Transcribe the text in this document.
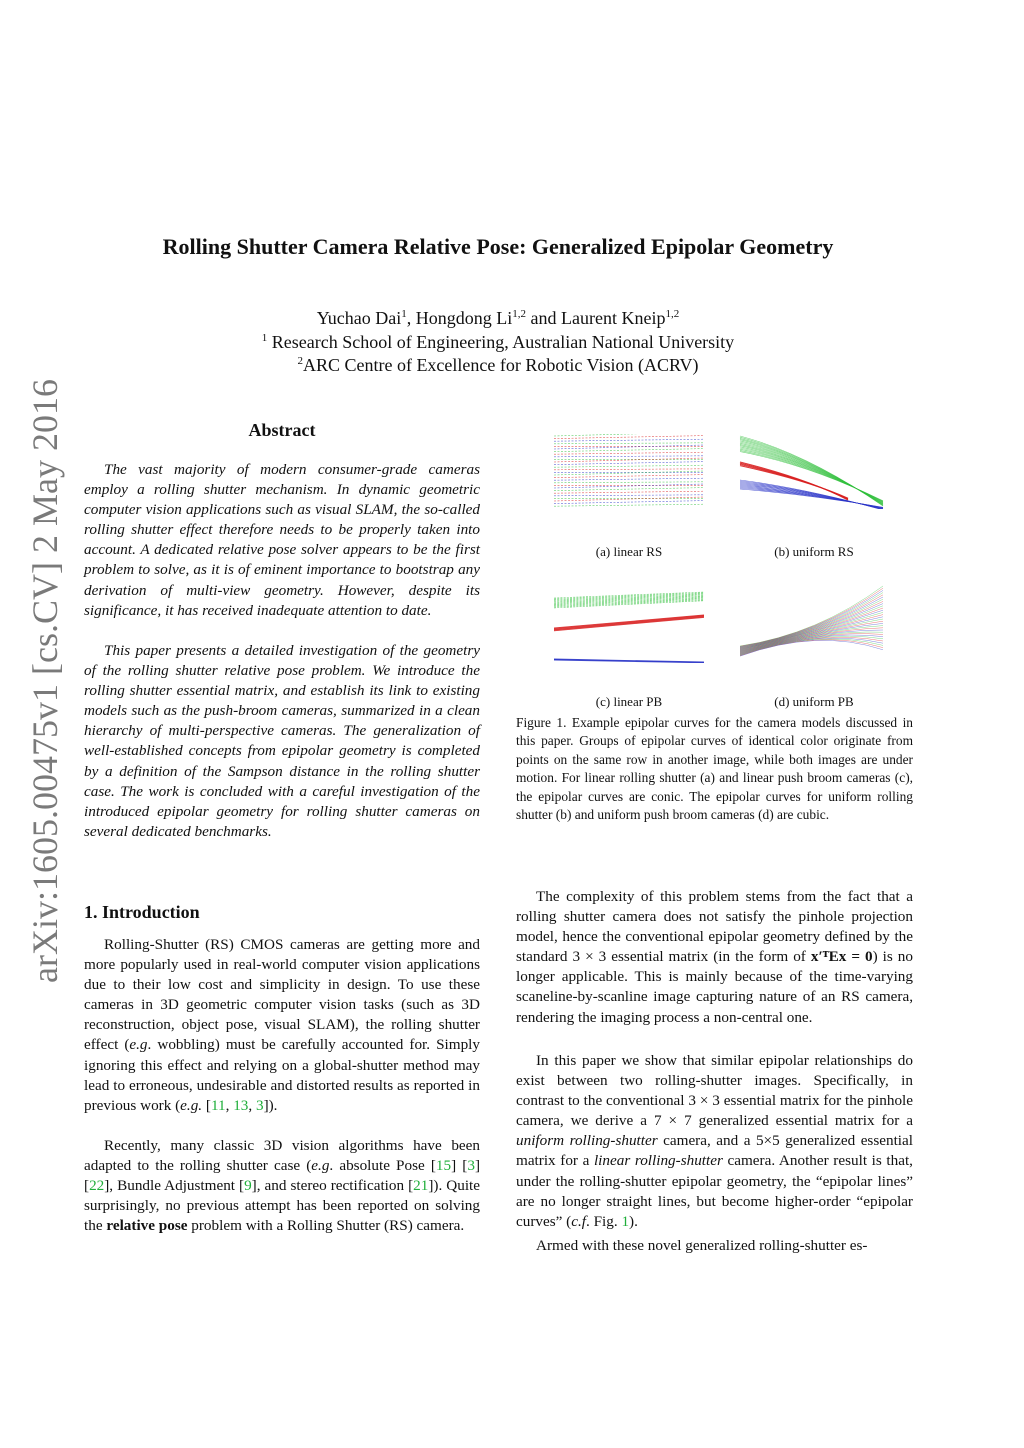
arXiv:1605.00475v1 [cs.CV] 2 May 2016
Rolling Shutter Camera Relative Pose: Generalized Epipolar Geometry
Yuchao Dai$^1$, Hongdong Li$^{1,2}$ and Laurent Kneip$^{1,2}$
$^1$ Research School of Engineering, Australian National University
$^2$ARC Centre of Excellence for Robotic Vision (ACRV)
Abstract
The vast majority of modern consumer-grade cameras employ a rolling shutter mechanism. In dynamic geometric computer vision applications such as visual SLAM, the so-called rolling shutter effect therefore needs to be properly taken into account. A dedicated relative pose solver appears to be the first problem to solve, as it is of eminent importance to bootstrap any derivation of multi-view geometry. However, despite its significance, it has received inadequate attention to date.
This paper presents a detailed investigation of the geometry of the rolling shutter relative pose problem. We introduce the rolling shutter essential matrix, and establish its link to existing models such as the push-broom cameras, summarized in a clean hierarchy of multi-perspective cameras. The generalization of well-established concepts from epipolar geometry is completed by a definition of the Sampson distance in the rolling shutter case. The work is concluded with a careful investigation of the introduced epipolar geometry for rolling shutter cameras on several dedicated benchmarks.
1. Introduction
Rolling-Shutter (RS) CMOS cameras are getting more and more popularly used in real-world computer vision applications due to their low cost and simplicity in design. To use these cameras in 3D geometric computer vision tasks (such as 3D reconstruction, object pose, visual SLAM), the rolling shutter effect (e.g. wobbling) must be carefully accounted for. Simply ignoring this effect and relying on a global-shutter method may lead to erroneous, undesirable and distorted results as reported in previous work (e.g. [11, 13, 3]).
Recently, many classic 3D vision algorithms have been adapted to the rolling shutter case (e.g. absolute Pose [15] [3] [22], Bundle Adjustment [9], and stereo rectification [21]). Quite surprisingly, no previous attempt has been reported on solving the relative pose problem with a Rolling Shutter (RS) camera.
The complexity of this problem stems from the fact that a rolling shutter camera does not satisfy the pinhole projection model, hence the conventional epipolar geometry defined by the standard 3 × 3 essential matrix (in the form of x′ᵀEx = 0) is no longer applicable. This is mainly because of the time-varying scaneline-by-scanline image capturing nature of an RS camera, rendering the imaging process a non-central one.
In this paper we show that similar epipolar relationships do exist between two rolling-shutter images. Specifically, in contrast to the conventional 3 × 3 essential matrix for the pinhole camera, we derive a 7 × 7 generalized essential matrix for a uniform rolling-shutter camera, and a 5×5 generalized essential matrix for a linear rolling-shutter camera. Another result is that, under the rolling-shutter epipolar geometry, the “epipolar lines” are no longer straight lines, but become higher-order “epipolar curves” (c.f. Fig. 1).
Armed with these novel generalized rolling-shutter es-
(a) linear RS	(b) uniform RS
(c) linear PB	(d) uniform PB
Figure 1. Example epipolar curves for the camera models discussed in this paper. Groups of epipolar curves of identical color originate from points on the same row in another image, while both images are under motion. For linear rolling shutter (a) and linear push broom cameras (c), the epipolar curves are conic. The epipolar curves for uniform rolling shutter (b) and uniform push broom cameras (d) are cubic.
